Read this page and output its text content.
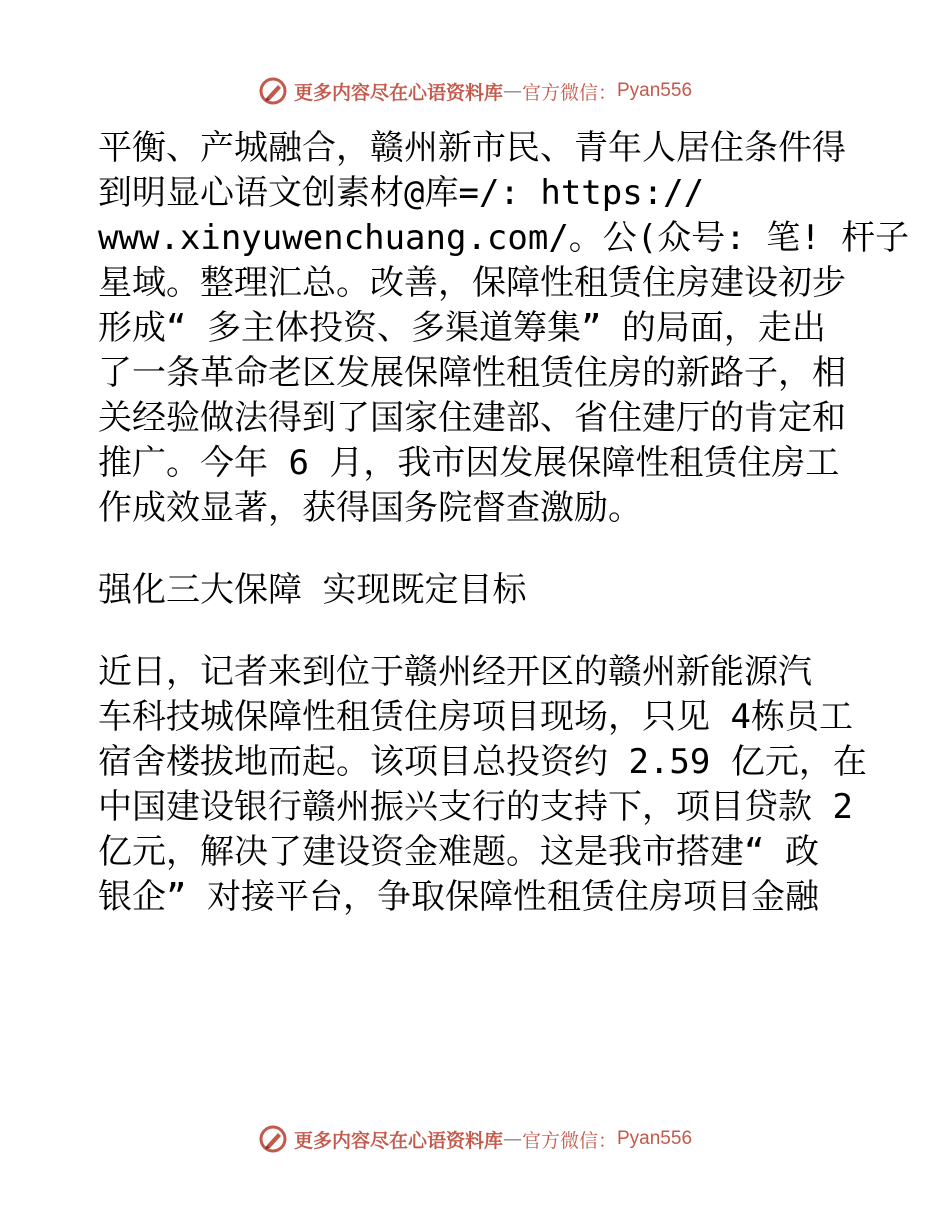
更多内容尽在心语资料库 — 官方微信： Pyan556
平衡、产城融合，赣州新市民、青年人居住条件得
到明显心语文创素材@库=/: https://
www.xinyuwenchuang.com/。公(众号: 笔! 杆子
星域。整理汇总。改善，保障性租赁住房建设初步
形成“ 多主体投资、多渠道筹集” 的局面，走出
了一条革命老区发展保障性租赁住房的新路子，相
关经验做法得到了国家住建部、省住建厅的肯定和
推广。今年 6 月，我市因发展保障性租赁住房工
作成效显著，获得国务院督查激励。
强化三大保障 实现既定目标
近日，记者来到位于赣州经开区的赣州新能源汽
车科技城保障性租赁住房项目现场，只见 4栋员工
宿舍楼拔地而起。该项目总投资约 2.59 亿元，在
中国建设银行赣州振兴支行的支持下，项目贷款 2
亿元，解决了建设资金难题。这是我市搭建“ 政
银企” 对接平台，争取保障性租赁住房项目金融
更多内容尽在心语资料库 — 官方微信： Pyan556
